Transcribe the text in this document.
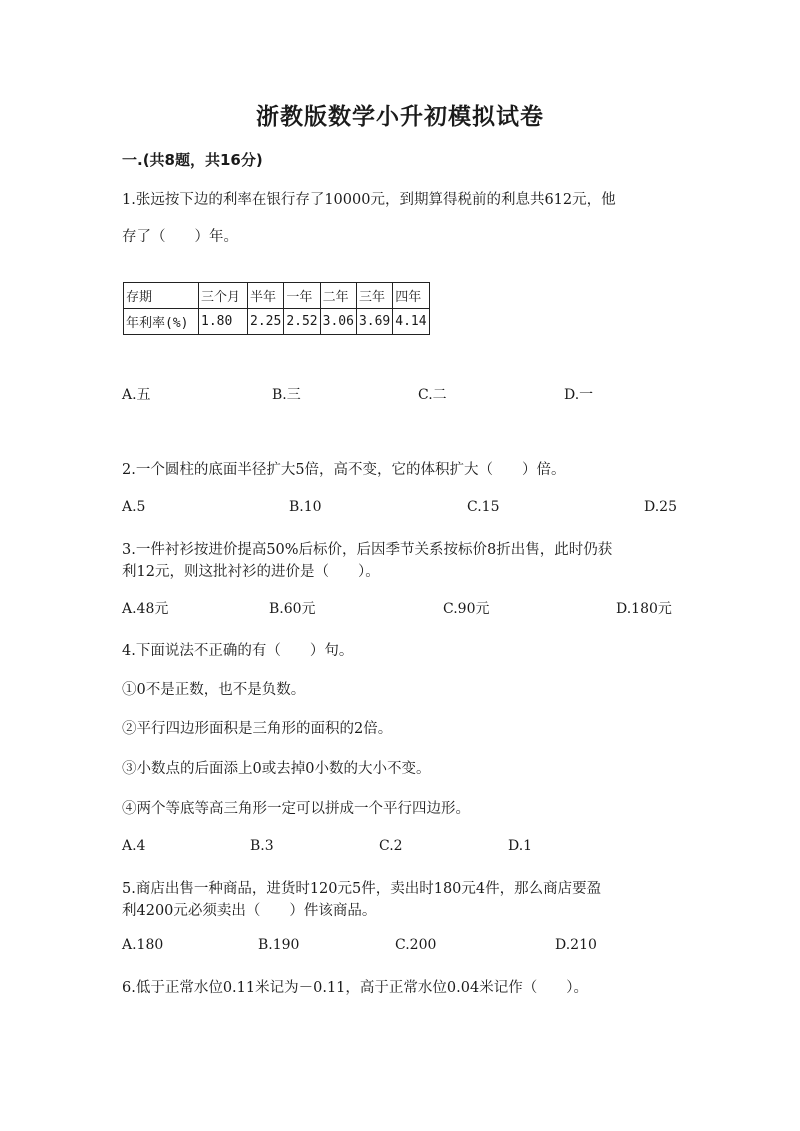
浙教版数学小升初模拟试卷
一.(共8题，共16分)
1.张远按下边的利率在银行存了10000元，到期算得税前的利息共612元，他
存了（　　）年。
存期	三个月	半年	一年	二年	三年	四年
年利率(%)	1.80	2.25	2.52	3.06	3.69	4.14
A.五	B.三	C.二	D.一
2.一个圆柱的底面半径扩大5倍，高不变，它的体积扩大（　　）倍。
A.5	B.10	C.15	D.25
3.一件衬衫按进价提高50%后标价，后因季节关系按标价8折出售，此时仍获
利12元，则这批衬衫的进价是（　　）。
A.48元	B.60元	C.90元	D.180元
4.下面说法不正确的有（　　）句。
①0不是正数，也不是负数。
②平行四边形面积是三角形的面积的2倍。
③小数点的后面添上0或去掉0小数的大小不变。
④两个等底等高三角形一定可以拼成一个平行四边形。
A.4	B.3	C.2	D.1
5.商店出售一种商品，进货时120元5件，卖出时180元4件，那么商店要盈
利4200元必须卖出（　　）件该商品。
A.180	B.190	C.200	D.210
6.低于正常水位0.11米记为－0.11，高于正常水位0.04米记作（　　）。
